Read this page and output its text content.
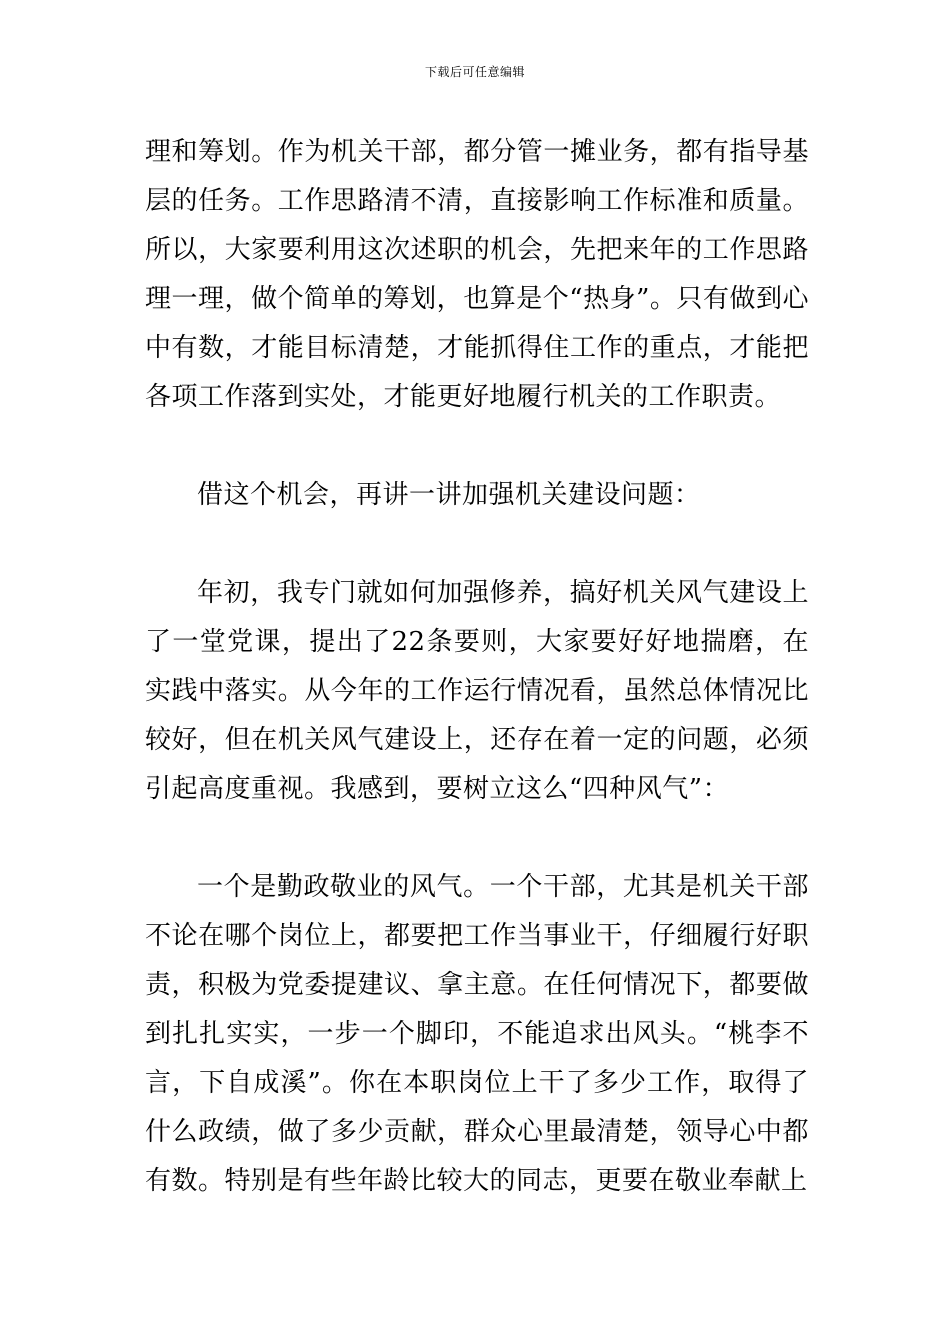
下载后可任意编辑

理和筹划。作为机关干部，都分管一摊业务，都有指导基层的任务。工作思路清不清，直接影响工作标准和质量。所以，大家要利用这次述职的机会，先把来年的工作思路理一理，做个简单的筹划，也算是个“热身”。只有做到心中有数，才能目标清楚，才能抓得住工作的重点，才能把各项工作落到实处，才能更好地履行机关的工作职责。

借这个机会，再讲一讲加强机关建设问题：

年初，我专门就如何加强修养，搞好机关风气建设上了一堂党课，提出了22条要则，大家要好好地揣磨，在实践中落实。从今年的工作运行情况看，虽然总体情况比较好，但在机关风气建设上，还存在着一定的问题，必须引起高度重视。我感到，要树立这么“四种风气”：

一个是勤政敬业的风气。一个干部，尤其是机关干部不论在哪个岗位上，都要把工作当事业干，仔细履行好职责，积极为党委提建议、拿主意。在任何情况下，都要做到扎扎实实，一步一个脚印，不能追求出风头。“桃李不言，下自成溪”。你在本职岗位上干了多少工作，取得了什么政绩，做了多少贡献，群众心里最清楚，领导心中都有数。特别是有些年龄比较大的同志，更要在敬业奉献上
